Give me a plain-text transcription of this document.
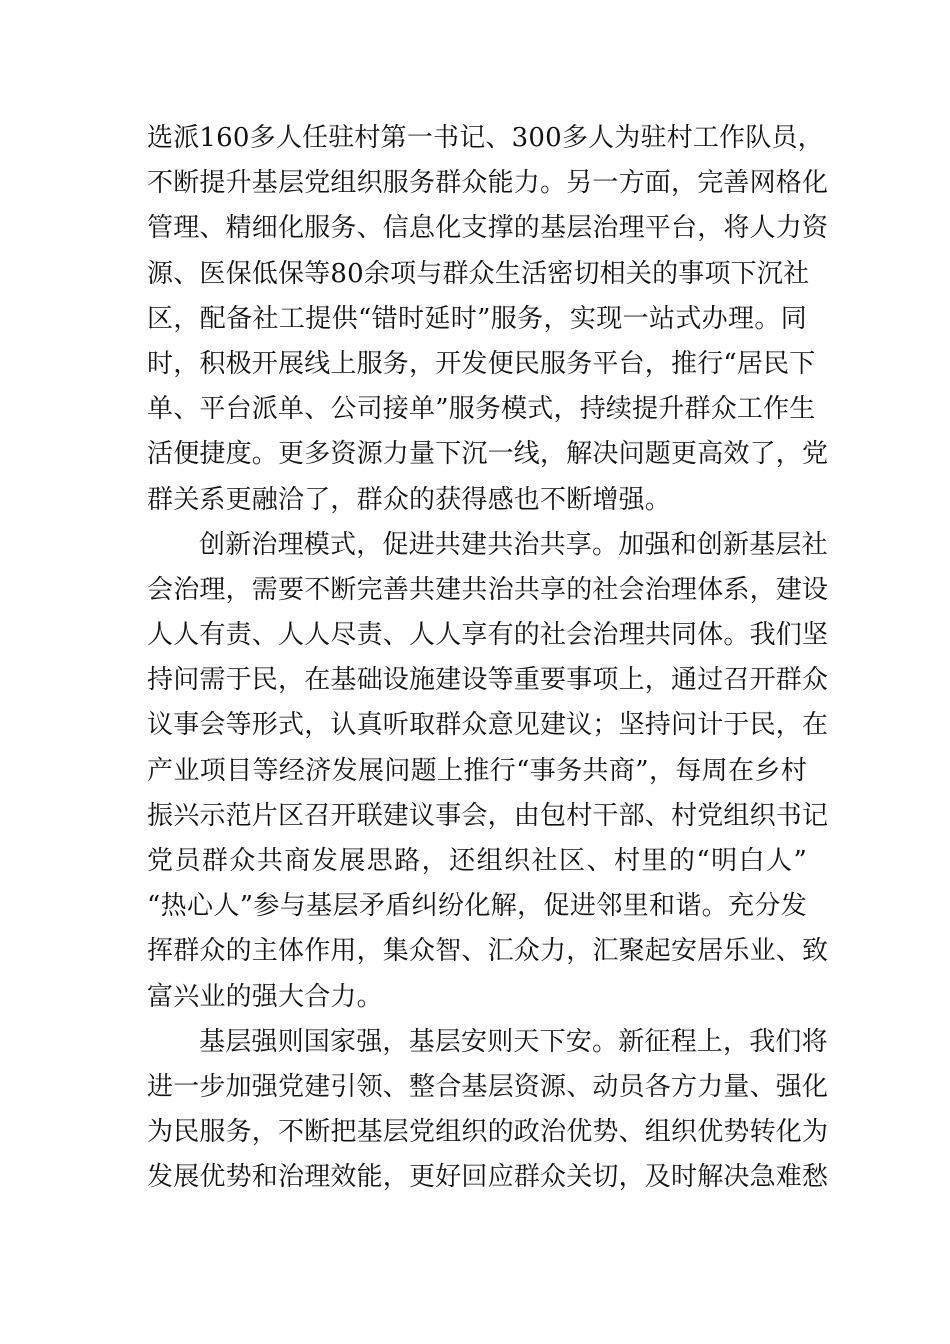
选派160多人任驻村第一书记、300多人为驻村工作队员，
不断提升基层党组织服务群众能力。另一方面，完善网格化
管理、精细化服务、信息化支撑的基层治理平台，将人力资
源、医保低保等80余项与群众生活密切相关的事项下沉社
区，配备社工提供“错时延时”服务，实现一站式办理。同
时，积极开展线上服务，开发便民服务平台，推行“居民下
单、平台派单、公司接单”服务模式，持续提升群众工作生
活便捷度。更多资源力量下沉一线，解决问题更高效了，党
群关系更融洽了，群众的获得感也不断增强。
创新治理模式，促进共建共治共享。加强和创新基层社
会治理，需要不断完善共建共治共享的社会治理体系，建设
人人有责、人人尽责、人人享有的社会治理共同体。我们坚
持问需于民，在基础设施建设等重要事项上，通过召开群众
议事会等形式，认真听取群众意见建议；坚持问计于民，在
产业项目等经济发展问题上推行“事务共商”，每周在乡村
振兴示范片区召开联建议事会，由包村干部、村党组织书记
党员群众共商发展思路，还组织社区、村里的“明白人”
“热心人”参与基层矛盾纠纷化解，促进邻里和谐。充分发
挥群众的主体作用，集众智、汇众力，汇聚起安居乐业、致
富兴业的强大合力。
基层强则国家强，基层安则天下安。新征程上，我们将
进一步加强党建引领、整合基层资源、动员各方力量、强化
为民服务，不断把基层党组织的政治优势、组织优势转化为
发展优势和治理效能，更好回应群众关切，及时解决急难愁
